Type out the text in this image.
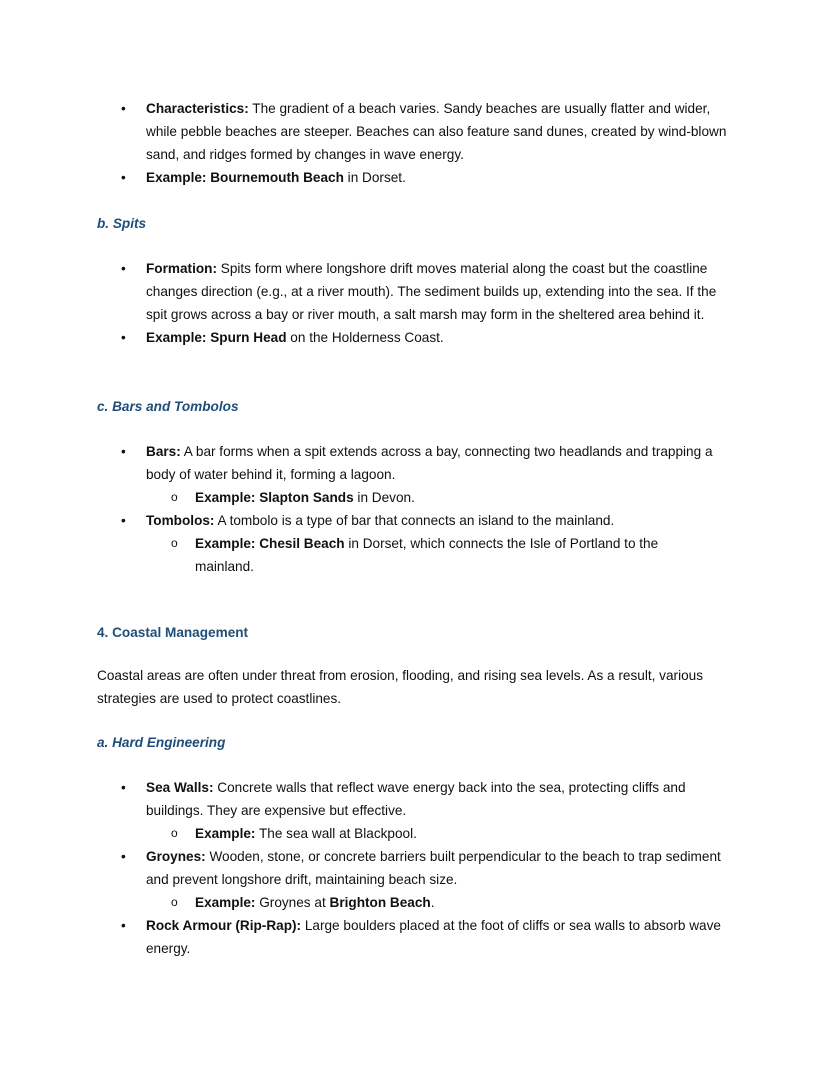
• Characteristics: The gradient of a beach varies. Sandy beaches are usually flatter and wider, while pebble beaches are steeper. Beaches can also feature sand dunes, created by wind-blown sand, and ridges formed by changes in wave energy.
• Example: Bournemouth Beach in Dorset.
b. Spits
• Formation: Spits form where longshore drift moves material along the coast but the coastline changes direction (e.g., at a river mouth). The sediment builds up, extending into the sea. If the spit grows across a bay or river mouth, a salt marsh may form in the sheltered area behind it.
• Example: Spurn Head on the Holderness Coast.
c. Bars and Tombolos
• Bars: A bar forms when a spit extends across a bay, connecting two headlands and trapping a body of water behind it, forming a lagoon.
o Example: Slapton Sands in Devon.
• Tombolos: A tombolo is a type of bar that connects an island to the mainland.
o Example: Chesil Beach in Dorset, which connects the Isle of Portland to the mainland.
4. Coastal Management
Coastal areas are often under threat from erosion, flooding, and rising sea levels. As a result, various strategies are used to protect coastlines.
a. Hard Engineering
• Sea Walls: Concrete walls that reflect wave energy back into the sea, protecting cliffs and buildings. They are expensive but effective.
o Example: The sea wall at Blackpool.
• Groynes: Wooden, stone, or concrete barriers built perpendicular to the beach to trap sediment and prevent longshore drift, maintaining beach size.
o Example: Groynes at Brighton Beach.
• Rock Armour (Rip-Rap): Large boulders placed at the foot of cliffs or sea walls to absorb wave energy.
